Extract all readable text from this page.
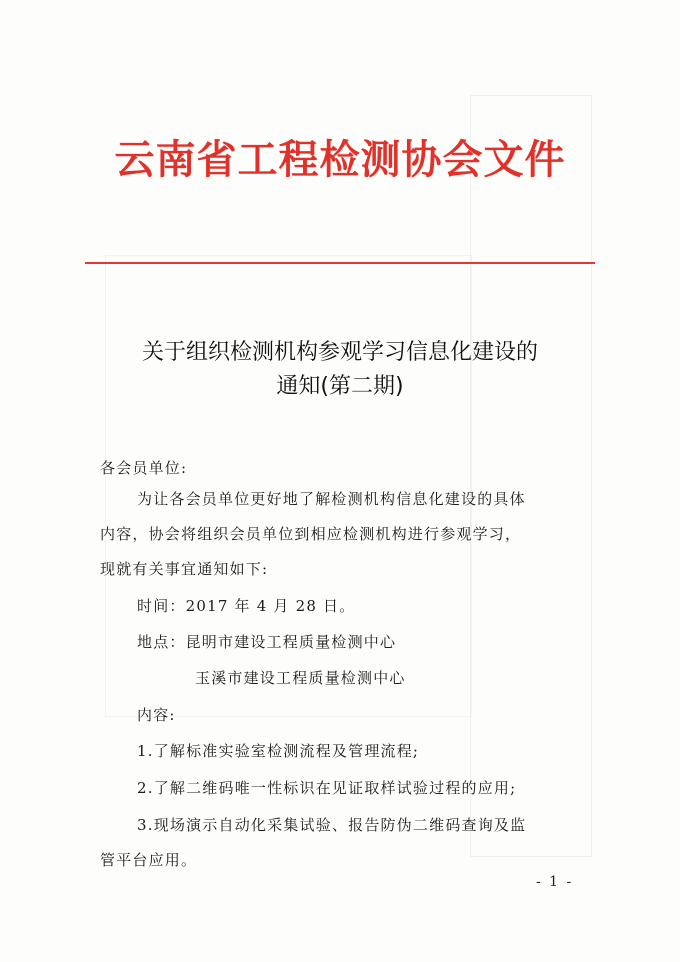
云南省工程检测协会文件
关于组织检测机构参观学习信息化建设的
通知(第二期)
各会员单位:
为让各会员单位更好地了解检测机构信息化建设的具体
内容，协会将组织会员单位到相应检测机构进行参观学习，
现就有关事宜通知如下:
时间：2017 年 4 月 28 日。
地点：昆明市建设工程质量检测中心
玉溪市建设工程质量检测中心
内容:
1.了解标准实验室检测流程及管理流程;
2.了解二维码唯一性标识在见证取样试验过程的应用;
3.现场演示自动化采集试验、报告防伪二维码查询及监
管平台应用。
- 1 -
